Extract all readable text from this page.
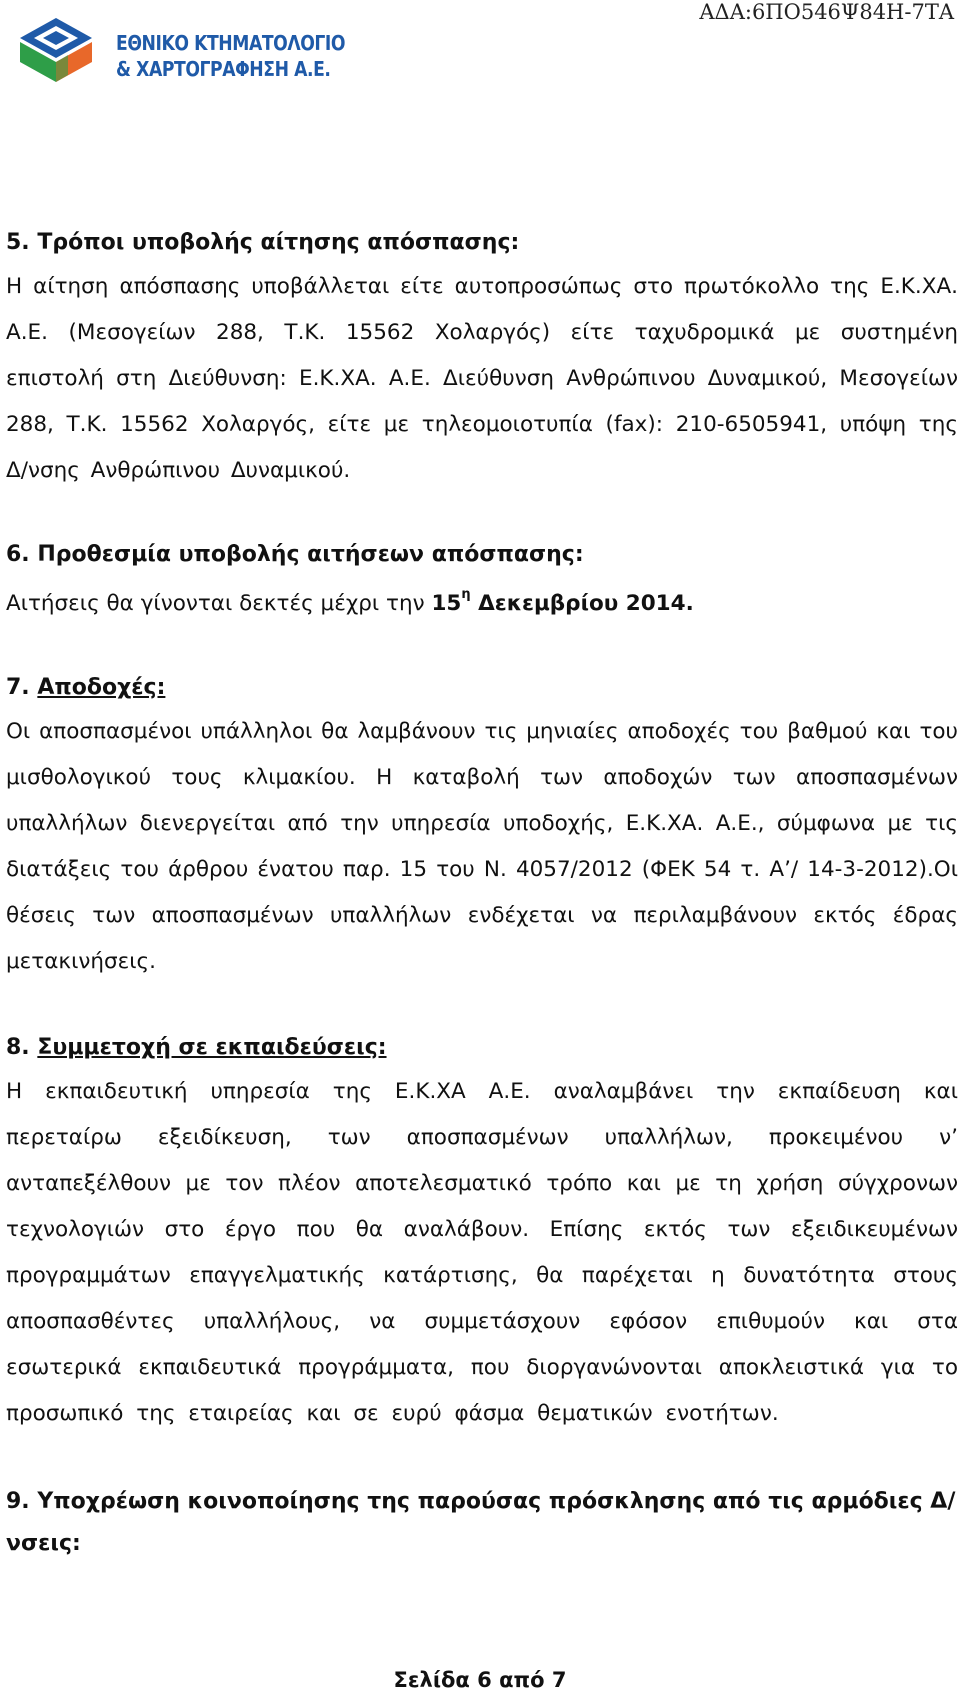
ΑΔΑ:6ΠΟ546Ψ84Η-7ΤΑ
ΕΘΝΙΚΟ ΚΤΗΜΑΤΟΛΟΓΙΟ
& ΧΑΡΤΟΓΡΑΦΗΣΗ Α.Ε.
5. Τρόποι υποβολής αίτησης απόσπασης:

Η αίτηση απόσπασης υποβάλλεται είτε αυτοπροσώπως στο πρωτόκολλο της Ε.Κ.ΧΑ. Α.Ε. (Μεσογείων 288, Τ.Κ. 15562 Χολαργός) είτε ταχυδρομικά με συστημένη επιστολή στη Διεύθυνση: Ε.Κ.ΧΑ. Α.Ε. Διεύθυνση Ανθρώπινου Δυναμικού, Μεσογείων 288, Τ.Κ. 15562 Χολαργός, είτε με τηλεομοιοτυπία (fax): 210-6505941, υπόψη της Δ/νσης Ανθρώπινου Δυναμικού.

6. Προθεσμία υποβολής αιτήσεων απόσπασης:

Αιτήσεις θα γίνονται δεκτές μέχρι την $15^\eta$ Δεκεμβρίου 2014.

7. Αποδοχές:

Οι αποσπασμένοι υπάλληλοι θα λαμβάνουν τις μηνιαίες αποδοχές του βαθμού και του μισθολογικού τους κλιμακίου. Η καταβολή των αποδοχών των αποσπασμένων υπαλλήλων διενεργείται από την υπηρεσία υποδοχής, Ε.Κ.ΧΑ. Α.Ε., σύμφωνα με τις διατάξεις του άρθρου ένατου παρ. 15 του Ν. 4057/2012 (ΦΕΚ 54 τ. Α’/ 14-3-2012).Οι θέσεις των αποσπασμένων υπαλλήλων ενδέχεται να περιλαμβάνουν εκτός έδρας μετακινήσεις.

8. Συμμετοχή σε εκπαιδεύσεις:

Η εκπαιδευτική υπηρεσία της Ε.Κ.ΧΑ Α.Ε. αναλαμβάνει την εκπαίδευση και περεταίρω εξειδίκευση, των αποσπασμένων υπαλλήλων, προκειμένου ν’ ανταπεξέλθουν με τον πλέον αποτελεσματικό τρόπο και με τη χρήση σύγχρονων τεχνολογιών στο έργο που θα αναλάβουν. Επίσης εκτός των εξειδικευμένων προγραμμάτων επαγγελματικής κατάρτισης, θα παρέχεται η δυνατότητα στους αποσπασθέντες υπαλλήλους, να συμμετάσχουν εφόσον επιθυμούν και στα εσωτερικά εκπαιδευτικά προγράμματα, που διοργανώνονται αποκλειστικά για το προσωπικό της εταιρείας και σε ευρύ φάσμα θεματικών ενοτήτων.

9. Υποχρέωση κοινοποίησης της παρούσας πρόσκλησης από τις αρμόδιες Δ/νσεις:
Σελίδα 6 από 7
